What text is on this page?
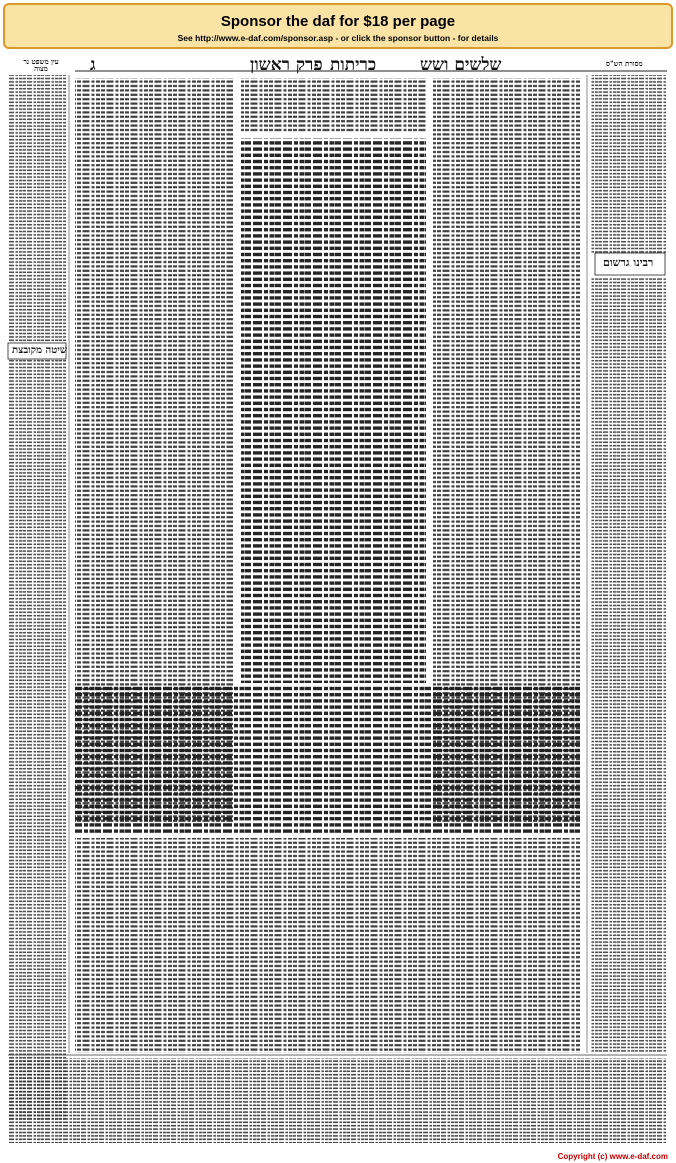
Sponsor the daf for $18 per page
See http://www.e-daf.com/sponsor.asp - or click the sponsor button - for details
כריתות
פרק ראשון	שלשים ושש
ג
עין משפט נר מצוה
מסורת הש"ס
רבינו גרשום
שיטה מקובצת
Copyright (c) www.e-daf.com
